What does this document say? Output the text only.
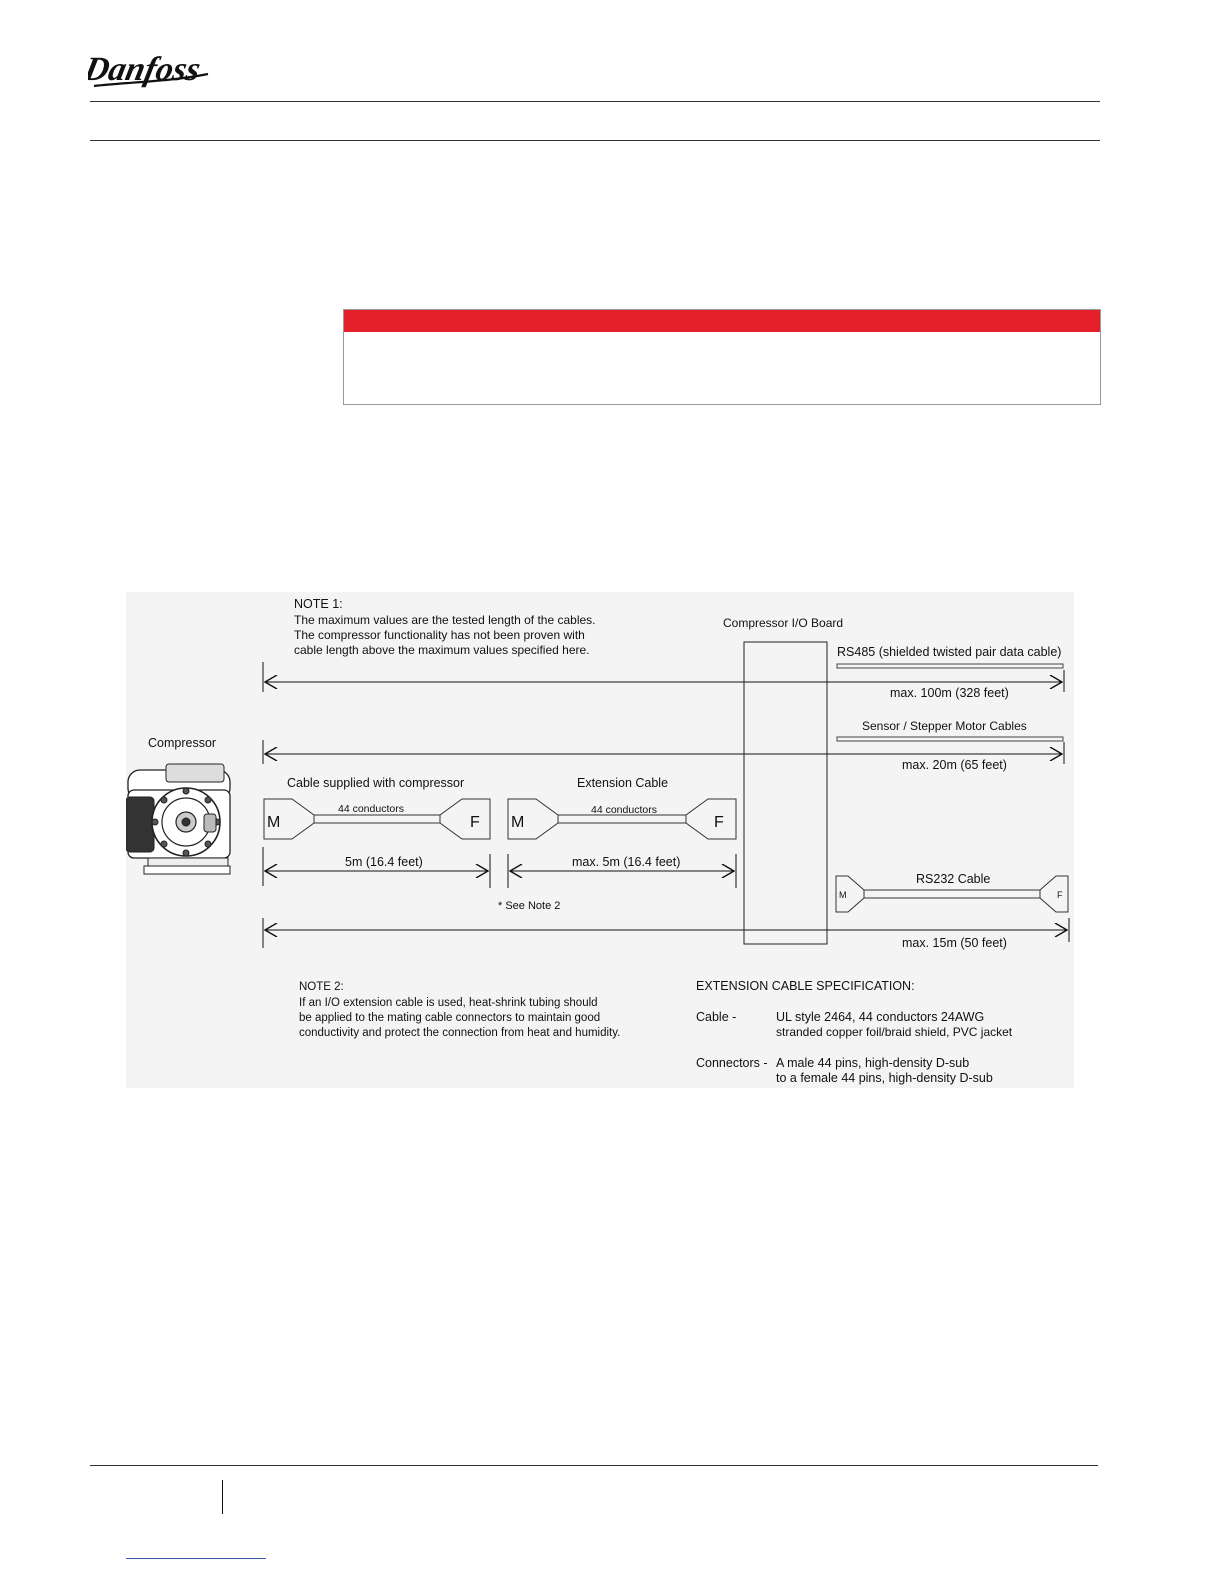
Danfoss
NOTE 1:
The maximum values are the tested length of the cables.
The compressor functionality has not been proven with
cable length above the maximum values specified here.
Compressor I/O Board
RS485 (shielded twisted pair data cable)
max. 100m (328 feet)
Sensor / Stepper Motor Cables
max. 20m (65 feet)
Compressor
Cable supplied with compressor
M	F
44 conductors
5m (16.4 feet)
Extension Cable
M	F
44 conductors
max. 5m (16.4 feet)
* See Note 2
RS232 Cable
M	F
max. 15m (50 feet)
NOTE 2:
If an I/O extension cable is used, heat-shrink tubing should
be applied to the mating cable connectors to maintain good
conductivity and protect the connection from heat and humidity.
EXTENSION CABLE SPECIFICATION:
Cable -	UL style 2464, 44 conductors 24AWG
stranded copper foil/braid shield, PVC jacket
Connectors - A male 44 pins, high-density D-sub
to a female 44 pins, high-density D-sub
